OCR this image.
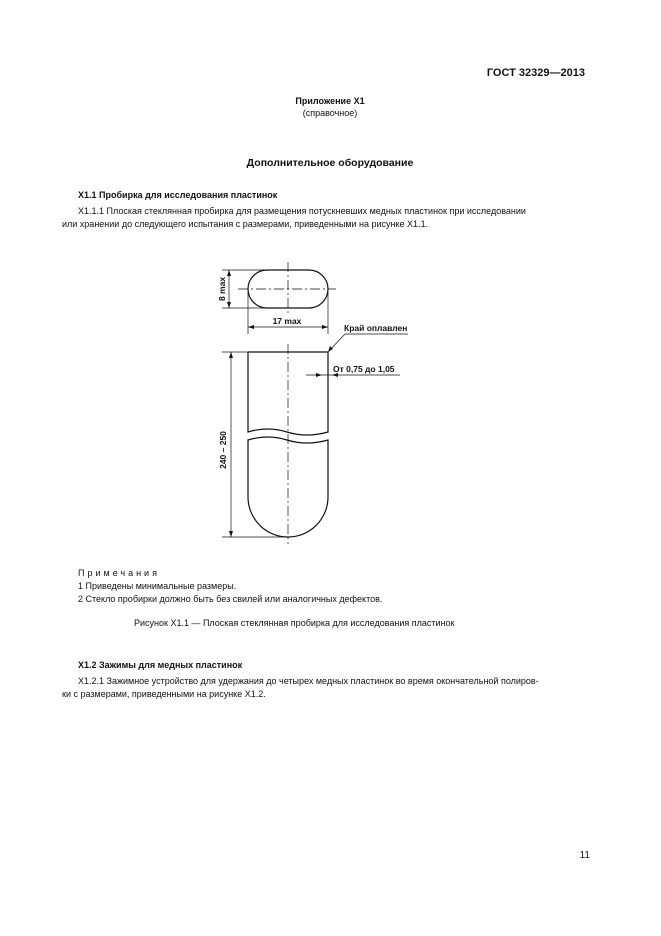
ГОСТ 32329—2013
Приложение X1
(справочное)
Дополнительное оборудование
X1.1 Пробирка для исследования пластинок
X1.1.1 Плоская стеклянная пробирка для размещения потускневших медных пластинок при исследовании
или хранении до следующего испытания с размерами, приведенными на рисунке X1.1.
8 max
17 max
240 – 250
Край оплавлен
От 0,75 до 1,05
Примечания
1 Приведены минимальные размеры.
2 Стекло пробирки должно быть без свилей или аналогичных дефектов.
Рисунок X1.1 — Плоская стеклянная пробирка для исследования пластинок
X1.2 Зажимы для медных пластинок
X1.2.1 Зажимное устройство для удержания до четырех медных пластинок во время окончательной полиров-
ки с размерами, приведенными на рисунке X1.2.
11
